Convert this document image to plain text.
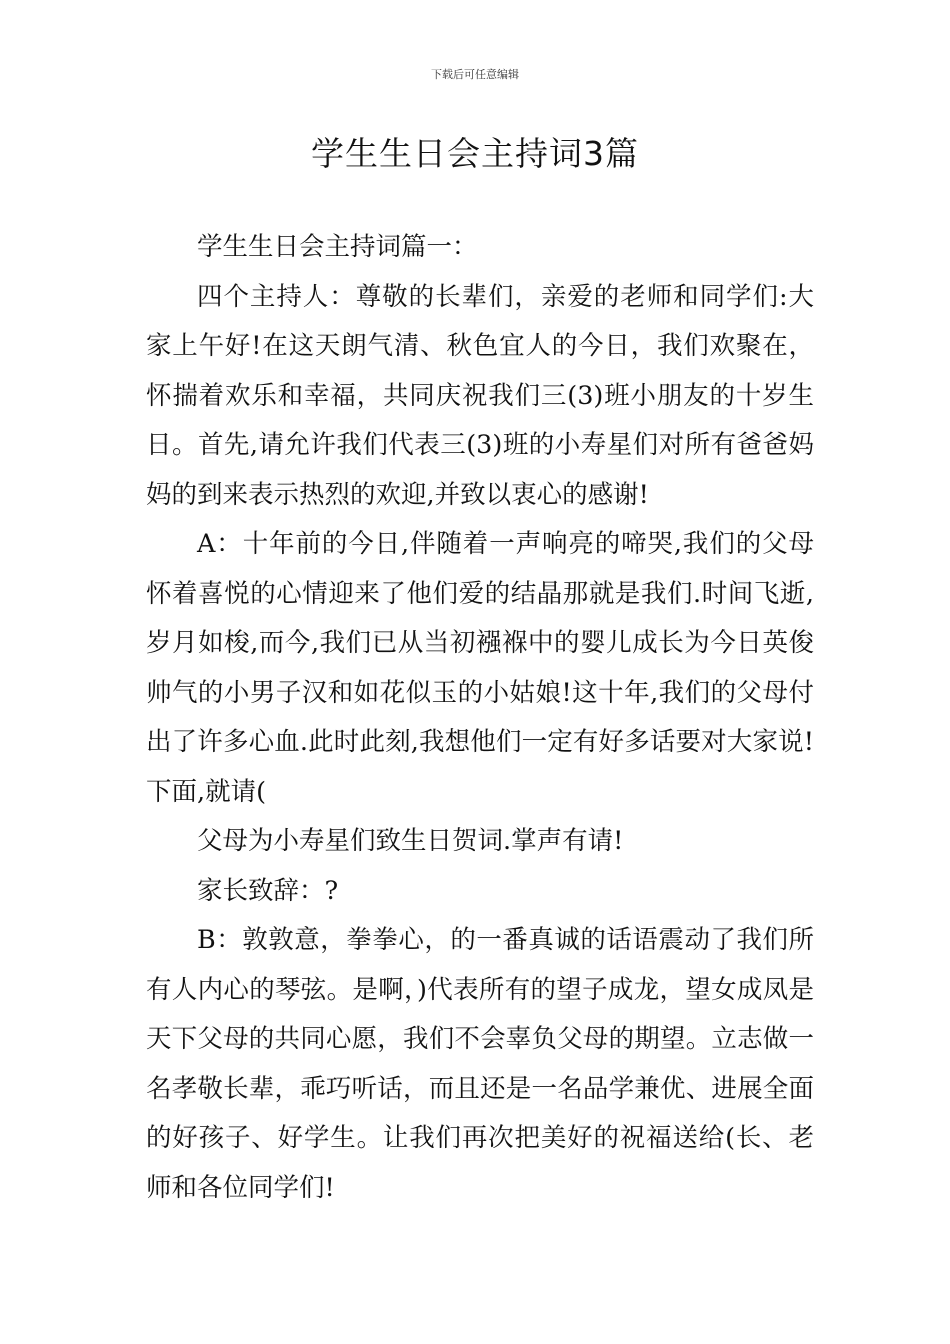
下载后可任意编辑
学生生日会主持词3篇

学生生日会主持词篇一：

四个主持人：尊敬的长辈们，亲爱的老师和同学们:大家上午好!在这天朗气清、秋色宜人的今日，我们欢聚在，怀揣着欢乐和幸福，共同庆祝我们三(3)班小朋友的十岁生日。首先,请允许我们代表三(3)班的小寿星们对所有爸爸妈妈的到来表示热烈的欢迎,并致以衷心的感谢!

A：十年前的今日,伴随着一声响亮的啼哭,我们的父母怀着喜悦的心情迎来了他们爱的结晶那就是我们.时间飞逝,岁月如梭,而今,我们已从当初襁褓中的婴儿成长为今日英俊帅气的小男子汉和如花似玉的小姑娘!这十年,我们的父母付出了许多心血.此时此刻,我想他们一定有好多话要对大家说!下面,就请(

父母为小寿星们致生日贺词.掌声有请!

家长致辞：?

B：敦敦意，拳拳心，的一番真诚的话语震动了我们所有人内心的琴弦。是啊，)代表所有的望子成龙，望女成凤是天下父母的共同心愿，我们不会辜负父母的期望。立志做一名孝敬长辈，乖巧听话，而且还是一名品学兼优、进展全面的好孩子、好学生。让我们再次把美好的祝福送给(长、老师和各位同学们!
